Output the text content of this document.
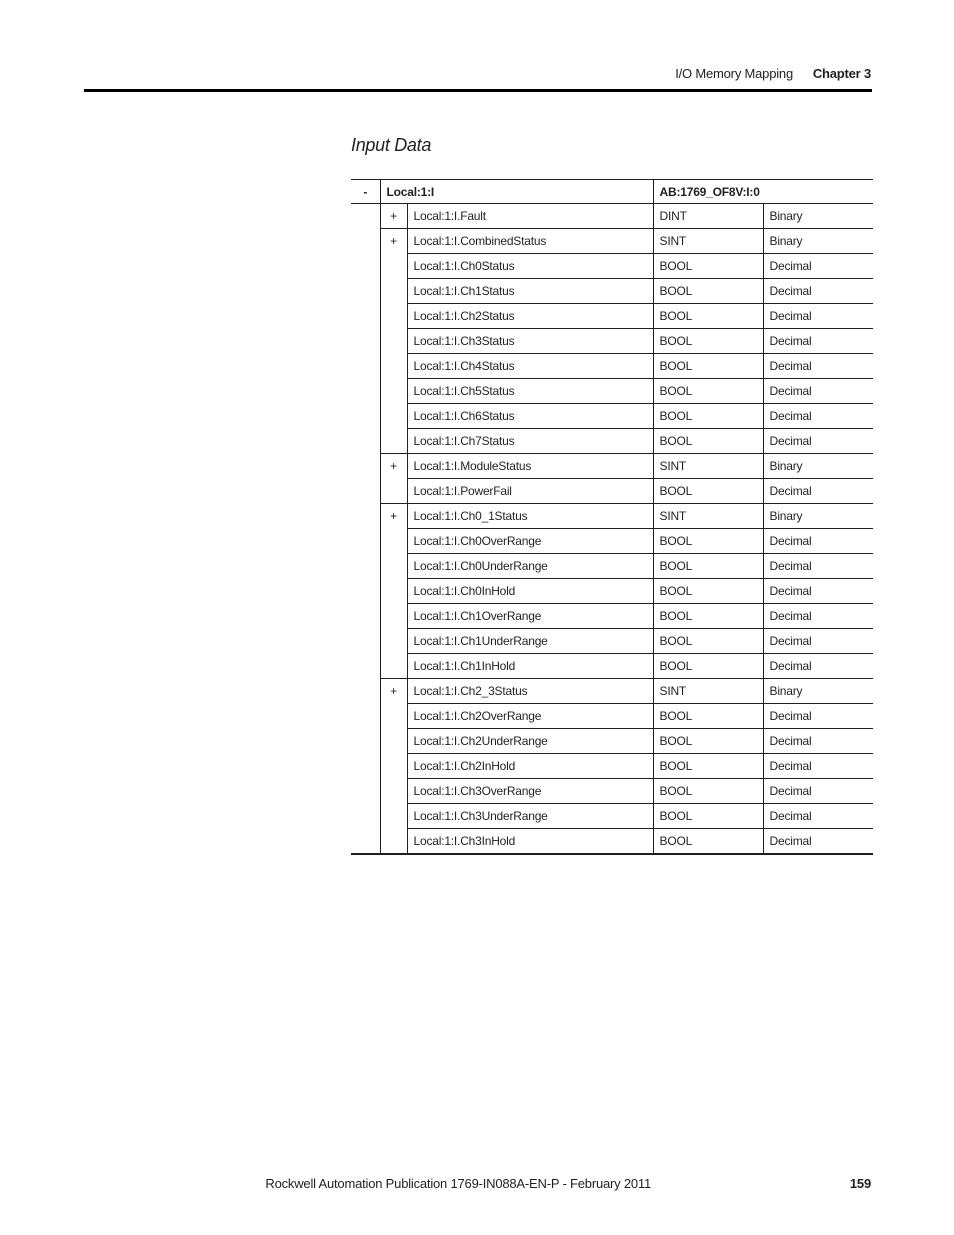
I/O Memory Mapping Chapter 3
Input Data
-	Local:1:I		AB:1769_OF8V:I:0	
	+	Local:1:I.Fault	DINT	Binary
	+	Local:1:I.CombinedStatus	SINT	Binary
		Local:1:I.Ch0Status	BOOL	Decimal
		Local:1:I.Ch1Status	BOOL	Decimal
		Local:1:I.Ch2Status	BOOL	Decimal
		Local:1:I.Ch3Status	BOOL	Decimal
		Local:1:I.Ch4Status	BOOL	Decimal
		Local:1:I.Ch5Status	BOOL	Decimal
		Local:1:I.Ch6Status	BOOL	Decimal
		Local:1:I.Ch7Status	BOOL	Decimal
	+	Local:1:I.ModuleStatus	SINT	Binary
		Local:1:I.PowerFail	BOOL	Decimal
	+	Local:1:I.Ch0_1Status	SINT	Binary
		Local:1:I.Ch0OverRange	BOOL	Decimal
		Local:1:I.Ch0UnderRange	BOOL	Decimal
		Local:1:I.Ch0InHold	BOOL	Decimal
		Local:1:I.Ch1OverRange	BOOL	Decimal
		Local:1:I.Ch1UnderRange	BOOL	Decimal
		Local:1:I.Ch1InHold	BOOL	Decimal
	+	Local:1:I.Ch2_3Status	SINT	Binary
		Local:1:I.Ch2OverRange	BOOL	Decimal
		Local:1:I.Ch2UnderRange	BOOL	Decimal
		Local:1:I.Ch2InHold	BOOL	Decimal
		Local:1:I.Ch3OverRange	BOOL	Decimal
		Local:1:I.Ch3UnderRange	BOOL	Decimal
		Local:1:I.Ch3InHold	BOOL	Decimal
Rockwell Automation Publication 1769-IN088A-EN-P - February 2011	159
